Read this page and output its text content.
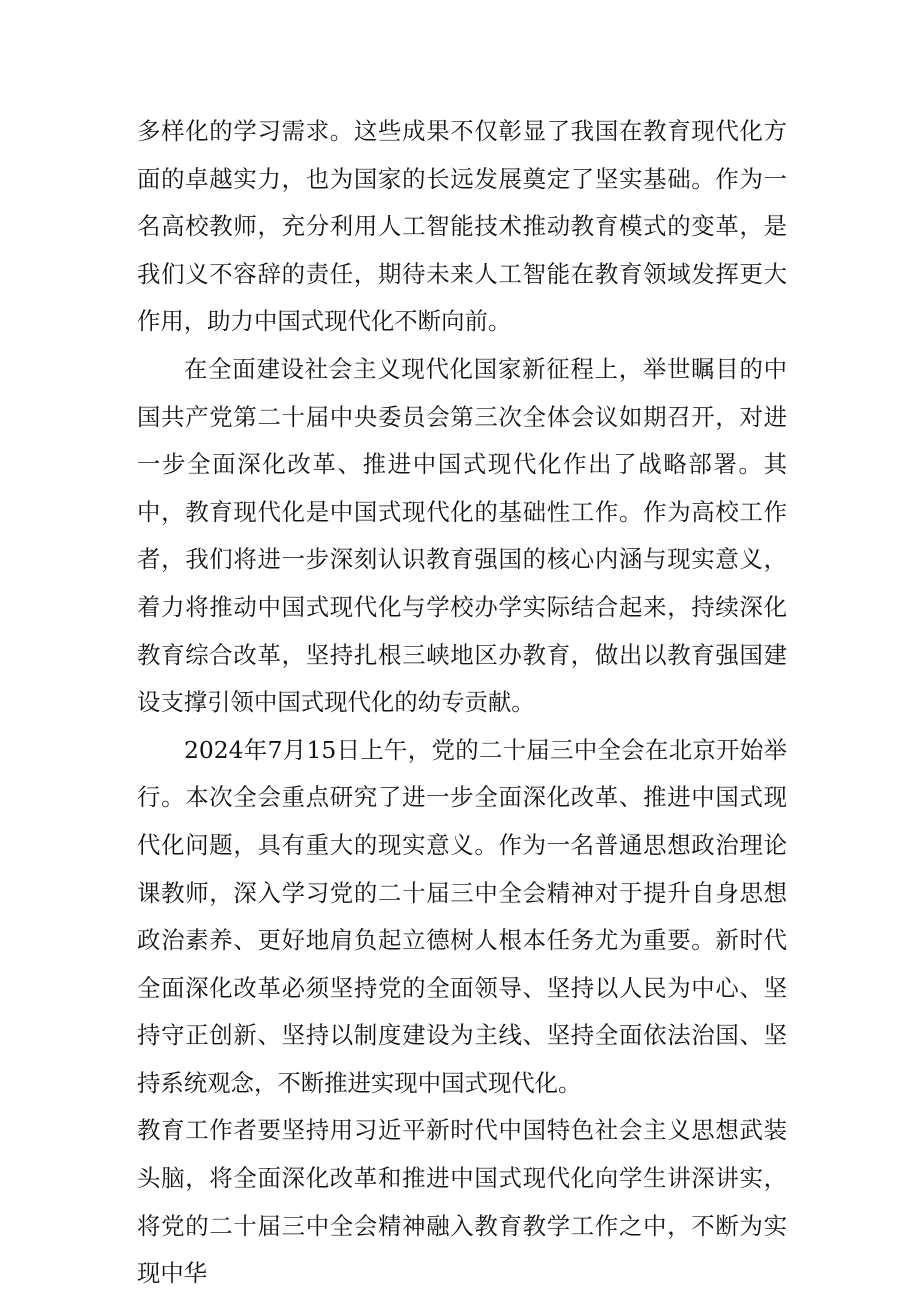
多样化的学习需求。这些成果不仅彰显了我国在教育现代化方面的卓越实力，也为国家的长远发展奠定了坚实基础。作为一名高校教师，充分利用人工智能技术推动教育模式的变革，是我们义不容辞的责任，期待未来人工智能在教育领域发挥更大作用，助力中国式现代化不断向前。

在全面建设社会主义现代化国家新征程上，举世瞩目的中国共产党第二十届中央委员会第三次全体会议如期召开，对进一步全面深化改革、推进中国式现代化作出了战略部署。其中，教育现代化是中国式现代化的基础性工作。作为高校工作者，我们将进一步深刻认识教育强国的核心内涵与现实意义，着力将推动中国式现代化与学校办学实际结合起来，持续深化教育综合改革，坚持扎根三峡地区办教育，做出以教育强国建设支撑引领中国式现代化的幼专贡献。

2024年7月15日上午，党的二十届三中全会在北京开始举行。本次全会重点研究了进一步全面深化改革、推进中国式现代化问题，具有重大的现实意义。作为一名普通思想政治理论课教师，深入学习党的二十届三中全会精神对于提升自身思想政治素养、更好地肩负起立德树人根本任务尤为重要。新时代全面深化改革必须坚持党的全面领导、坚持以人民为中心、坚持守正创新、坚持以制度建设为主线、坚持全面依法治国、坚持系统观念，不断推进实现中国式现代化。

教育工作者要坚持用习近平新时代中国特色社会主义思想武装头脑，将全面深化改革和推进中国式现代化向学生讲深讲实，将党的二十届三中全会精神融入教育教学工作之中，不断为实现中华
